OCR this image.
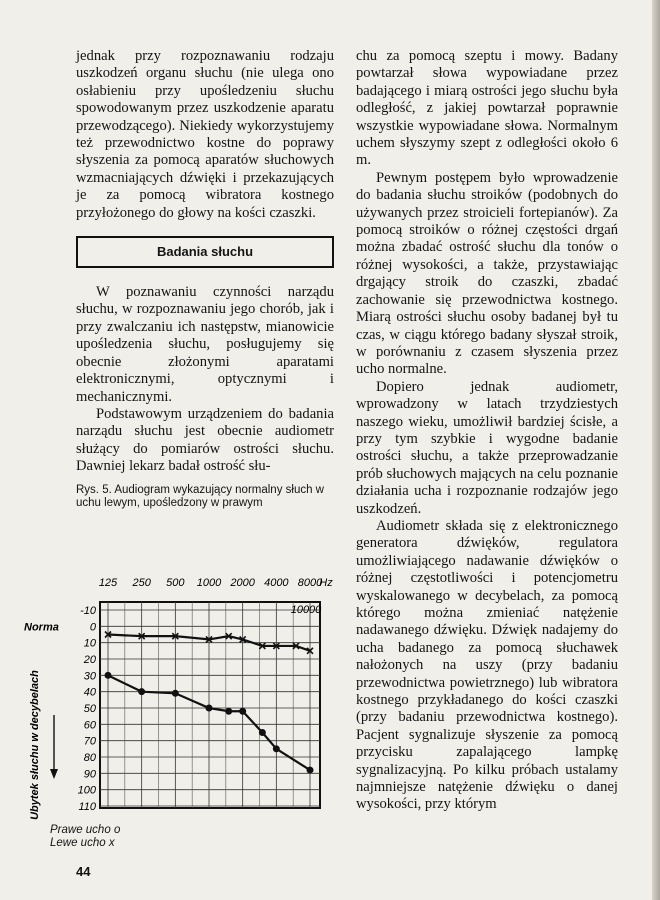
jednak przy rozpoznawaniu rodzaju uszkodzeń organu słuchu (nie ulega ono osłabieniu przy upośledzeniu słuchu spowodowanym przez uszkodzenie aparatu przewodzącego). Niekiedy wykorzystujemy też przewodnictwo kostne do poprawy słyszenia za pomocą aparatów słuchowych wzmacniających dźwięki i przekazujących je za pomocą wibratora kostnego przyłożonego do głowy na kości czaszki.

Badania słuchu

W poznawaniu czynności narządu słuchu, w rozpoznawaniu jego chorób, jak i przy zwalczaniu ich następstw, mianowicie upośledzenia słuchu, posługujemy się obecnie złożonymi aparatami elektronicznymi, optycznymi i mechanicznymi.

Podstawowym urządzeniem do badania narządu słuchu jest obecnie audiometr służący do pomiarów ostrości słuchu. Dawniej lekarz badał ostrość słu-

Rys. 5. Audiogram wykazujący normalny słuch w uchu lewym, upośledzony w prawym

chu za pomocą szeptu i mowy. Badany powtarzał słowa wypowiadane przez badającego i miarą ostrości jego słuchu była odległość, z jakiej powtarzał poprawnie wszystkie wypowiadane słowa. Normalnym uchem słyszymy szept z odległości około 6 m.

Pewnym postępem było wprowadzenie do badania słuchu stroików (podobnych do używanych przez stroicieli fortepianów). Za pomocą stroików o różnej częstości drgań można zbadać ostrość słuchu dla tonów o różnej wysokości, a także, przystawiając drgający stroik do czaszki, zbadać zachowanie się przewodnictwa kostnego. Miarą ostrości słuchu osoby badanej był tu czas, w ciągu którego badany słyszał stroik, w porównaniu z czasem słyszenia przez ucho normalne.

Dopiero jednak audiometr, wprowadzony w latach trzydziestych naszego wieku, umożliwił bardziej ścisłe, a przy tym szybkie i wygodne badanie ostrości słuchu, a także przeprowadzanie prób słuchowych mających na celu poznanie działania ucha i rozpoznanie rodzajów jego uszkodzeń.

Audiometr składa się z elektronicznego generatora dźwięków, regulatora umożliwiającego nadawanie dźwięków o różnej częstotliwości i potencjometru wyskalowanego w decybelach, za pomocą którego można zmieniać natężenie nadawanego dźwięku. Dźwięk nadajemy do ucha badanego za pomocą słuchawek nałożonych na uszy (przy badaniu przewodnictwa powietrznego) lub wibratora kostnego przykładanego do kości czaszki (przy badaniu przewodnictwa kostnego). Pacjent sygnalizuje słyszenie za pomocą przycisku zapalającego lampkę sygnalizacyjną. Po kilku próbach ustalamy najmniejsze natężenie dźwięku o danej wysokości, przy którym

-10
0
10
20
30
40
50
60
70
80
90
100
110
125 250 500 1000 2000 4000 8000
Hz
10000
Norma
Ubytek słuchu w decybelach
Prawe ucho o
Lewe ucho x
44
